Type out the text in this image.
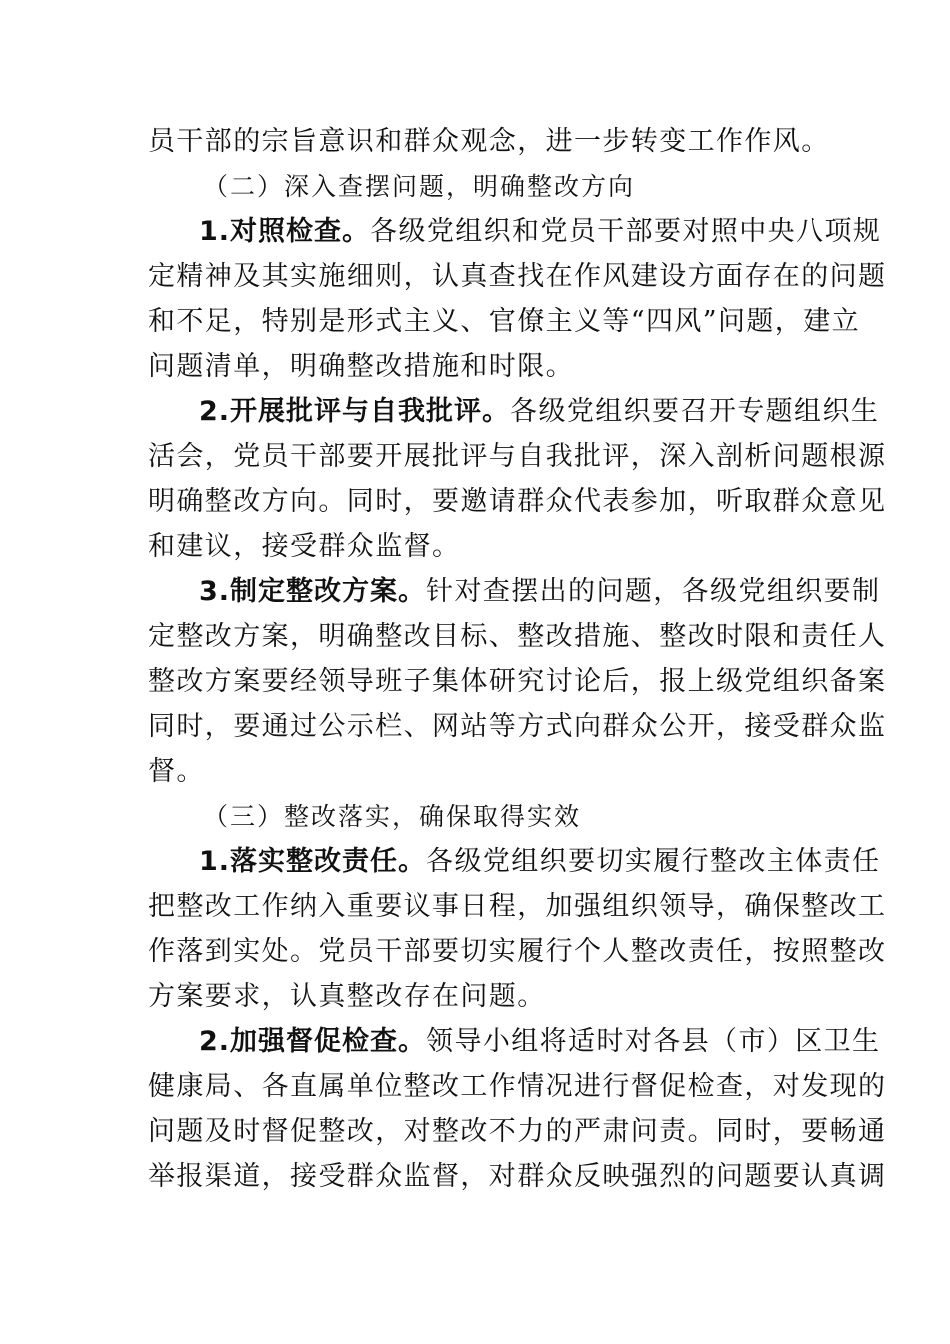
员干部的宗旨意识和群众观念，进一步转变工作作风。
（二）深入查摆问题，明确整改方向
1.对照检查。各级党组织和党员干部要对照中央八项规
定精神及其实施细则，认真查找在作风建设方面存在的问题
和不足，特别是形式主义、官僚主义等“四风”问题，建立
问题清单，明确整改措施和时限。
2.开展批评与自我批评。各级党组织要召开专题组织生
活会，党员干部要开展批评与自我批评，深入剖析问题根源
明确整改方向。同时，要邀请群众代表参加，听取群众意见
和建议，接受群众监督。
3.制定整改方案。针对查摆出的问题，各级党组织要制
定整改方案，明确整改目标、整改措施、整改时限和责任人
整改方案要经领导班子集体研究讨论后，报上级党组织备案
同时，要通过公示栏、网站等方式向群众公开，接受群众监
督。
（三）整改落实，确保取得实效
1.落实整改责任。各级党组织要切实履行整改主体责任
把整改工作纳入重要议事日程，加强组织领导，确保整改工
作落到实处。党员干部要切实履行个人整改责任，按照整改
方案要求，认真整改存在问题。
2.加强督促检查。领导小组将适时对各县（市）区卫生
健康局、各直属单位整改工作情况进行督促检查，对发现的
问题及时督促整改，对整改不力的严肃问责。同时，要畅通
举报渠道，接受群众监督，对群众反映强烈的问题要认真调
